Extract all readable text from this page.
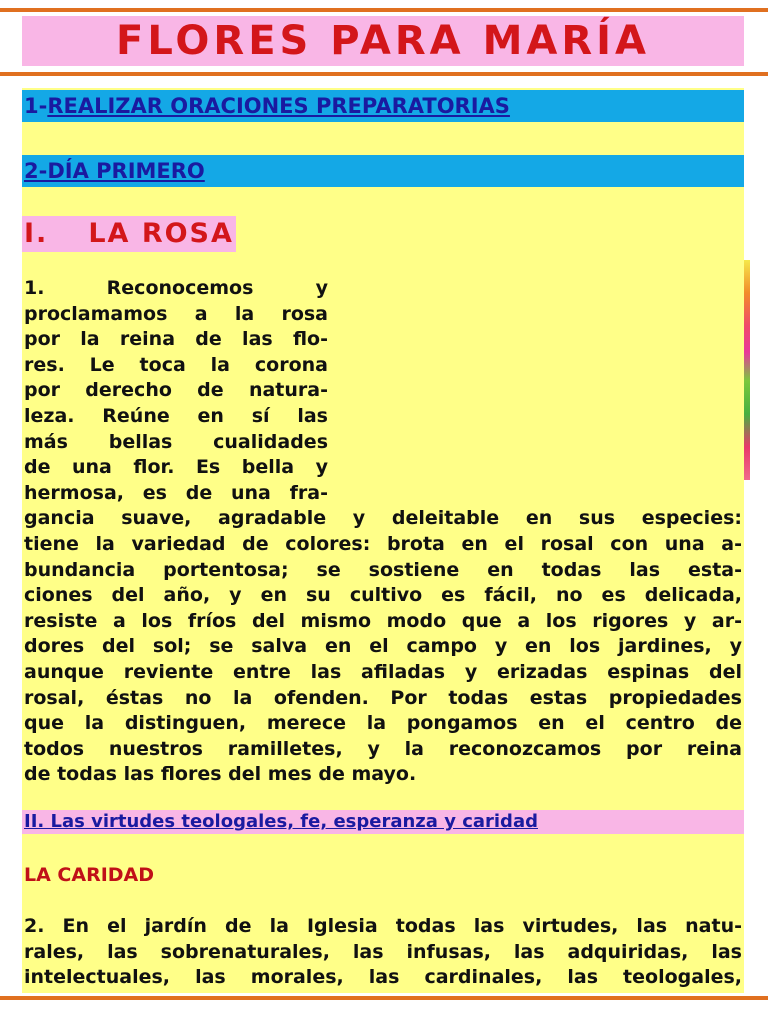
FLORES PARA MARÍA
1-REALIZAR ORACIONES PREPARATORIAS
2-DÍA PRIMERO
I. LA ROSA
1. Reconocemos y
proclamamos a la rosa
por la reina de las flo-
res. Le toca la corona
por derecho de natura-
leza. Reúne en sí las
más bellas cualidades
de una flor. Es bella y
hermosa, es de una fra-
gancia suave, agradable y deleitable en sus especies:
tiene la variedad de colores: brota en el rosal con una a-
bundancia portentosa; se sostiene en todas las esta-
ciones del año, y en su cultivo es fácil, no es delicada,
resiste a los fríos del mismo modo que a los rigores y ar-
dores del sol; se salva en el campo y en los jardines, y
aunque reviente entre las afiladas y erizadas espinas del
rosal, éstas no la ofenden. Por todas estas propiedades
que la distinguen, merece la pongamos en el centro de
todos nuestros ramilletes, y la reconozcamos por reina
de todas las flores del mes de mayo.
II. Las virtudes teologales, fe, esperanza y caridad
LA CARIDAD
2. En el jardín de la Iglesia todas las virtudes, las natu-
rales, las sobrenaturales, las infusas, las adquiridas, las
intelectuales, las morales, las cardinales, las teologales,
